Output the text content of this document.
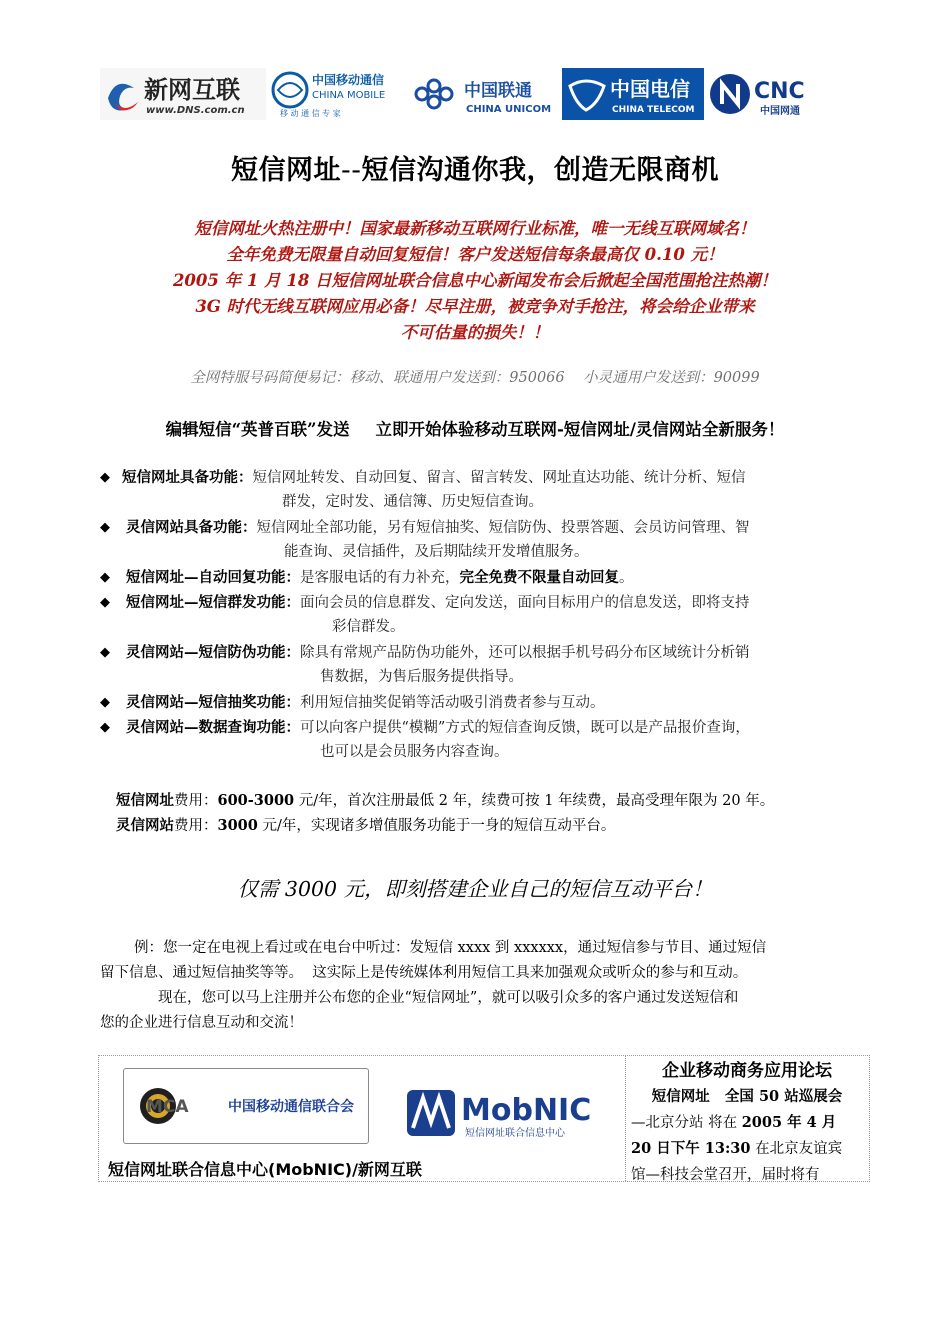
新网互联
www.DNS.com.cn
中国移动通信
CHINA MOBILE
移 动 通 信 专 家
中国联通
CHINA UNICOM
中国电信
CHINA TELECOM
CNC
中国网通
短信网址--短信沟通你我，创造无限商机
短信网址火热注册中！国家最新移动互联网行业标准，唯一无线互联网域名！
全年免费无限量自动回复短信！客户发送短信每条最高仅 0.10 元！
2005 年 1 月 18 日短信网址联合信息中心新闻发布会后掀起全国范围抢注热潮！
3G 时代无线互联网应用必备！尽早注册，被竞争对手抢注，将会给企业带来
不可估量的损失！！
全网特服号码简便易记：移动、联通用户发送到：950066    小灵通用户发送到：90099
编辑短信“英普百联”发送 立即开始体验移动互联网-短信网址/灵信网站全新服务！
◆ 短信网址具备功能：短信网址转发、自动回复、留言、留言转发、网址直达功能、统计分析、短信
群发，定时发、通信簿、历史短信查询。
◆	灵信网站具备功能：短信网址全部功能，另有短信抽奖、短信防伪、投票答题、会员访问管理、智
能查询、灵信插件，及后期陆续开发增值服务。
◆	短信网址—自动回复功能：是客服电话的有力补充，完全免费不限量自动回复。
◆	短信网址—短信群发功能：面向会员的信息群发、定向发送，面向目标用户的信息发送，即将支持
彩信群发。
◆	灵信网站—短信防伪功能：除具有常规产品防伪功能外，还可以根据手机号码分布区域统计分析销
售数据，为售后服务提供指导。
◆	灵信网站—短信抽奖功能：利用短信抽奖促销等活动吸引消费者参与互动。
◆	灵信网站—数据查询功能：可以向客户提供“模糊”方式的短信查询反馈，既可以是产品报价查询，
也可以是会员服务内容查询。
短信网址费用：600-3000 元/年，首次注册最低 2 年，续费可按 1 年续费，最高受理年限为 20 年。
灵信网站费用：3000 元/年，实现诸多增值服务功能于一身的短信互动平台。
仅需 3000 元，即刻搭建企业自己的短信互动平台！
例：您一定在电视上看过或在电台中听过：发短信 xxxx 到 xxxxxx，通过短信参与节目、通过短信
留下信息、通过短信抽奖等等。  这实际上是传统媒体利用短信工具来加强观众或听众的参与和互动。
现在，您可以马上注册并公布您的企业“短信网址”，就可以吸引众多的客户通过发送短信和
您的企业进行信息互动和交流！
MCA	中国移动通信联合会	MobNIC
短信网址联合信息中心
短信网址联合信息中心(MobNIC)/新网互联
企业移动商务应用论坛
短信网址   全国 50 站巡展会
—北京分站 将在 2005 年 4 月
20 日下午 13:30 在北京友谊宾
馆—科技会堂召开，届时将有
